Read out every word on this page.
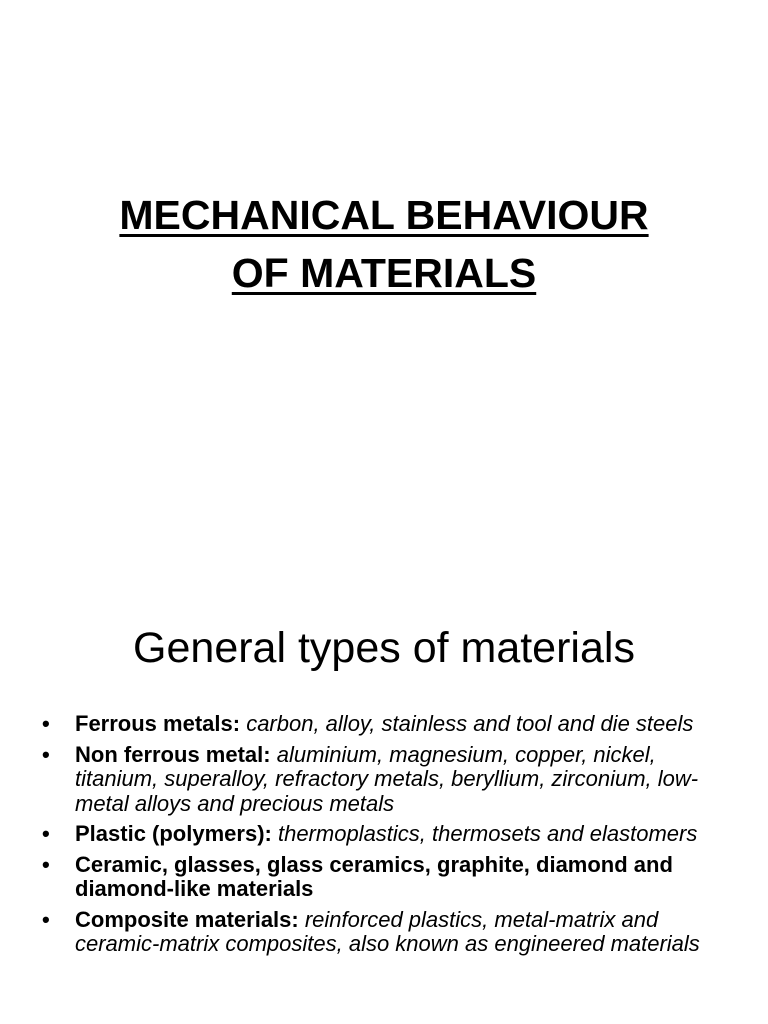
MECHANICAL BEHAVIOUR
OF MATERIALS
General types of materials
• Ferrous metals: carbon, alloy, stainless and tool and die steels
• Non ferrous metal: aluminium, magnesium, copper, nickel, titanium, superalloy, refractory metals, beryllium, zirconium, low-metal alloys and precious metals
• Plastic (polymers): thermoplastics, thermosets and elastomers
• Ceramic, glasses, glass ceramics, graphite, diamond and diamond-like materials
• Composite materials: reinforced plastics, metal-matrix and ceramic-matrix composites, also known as engineered materials
